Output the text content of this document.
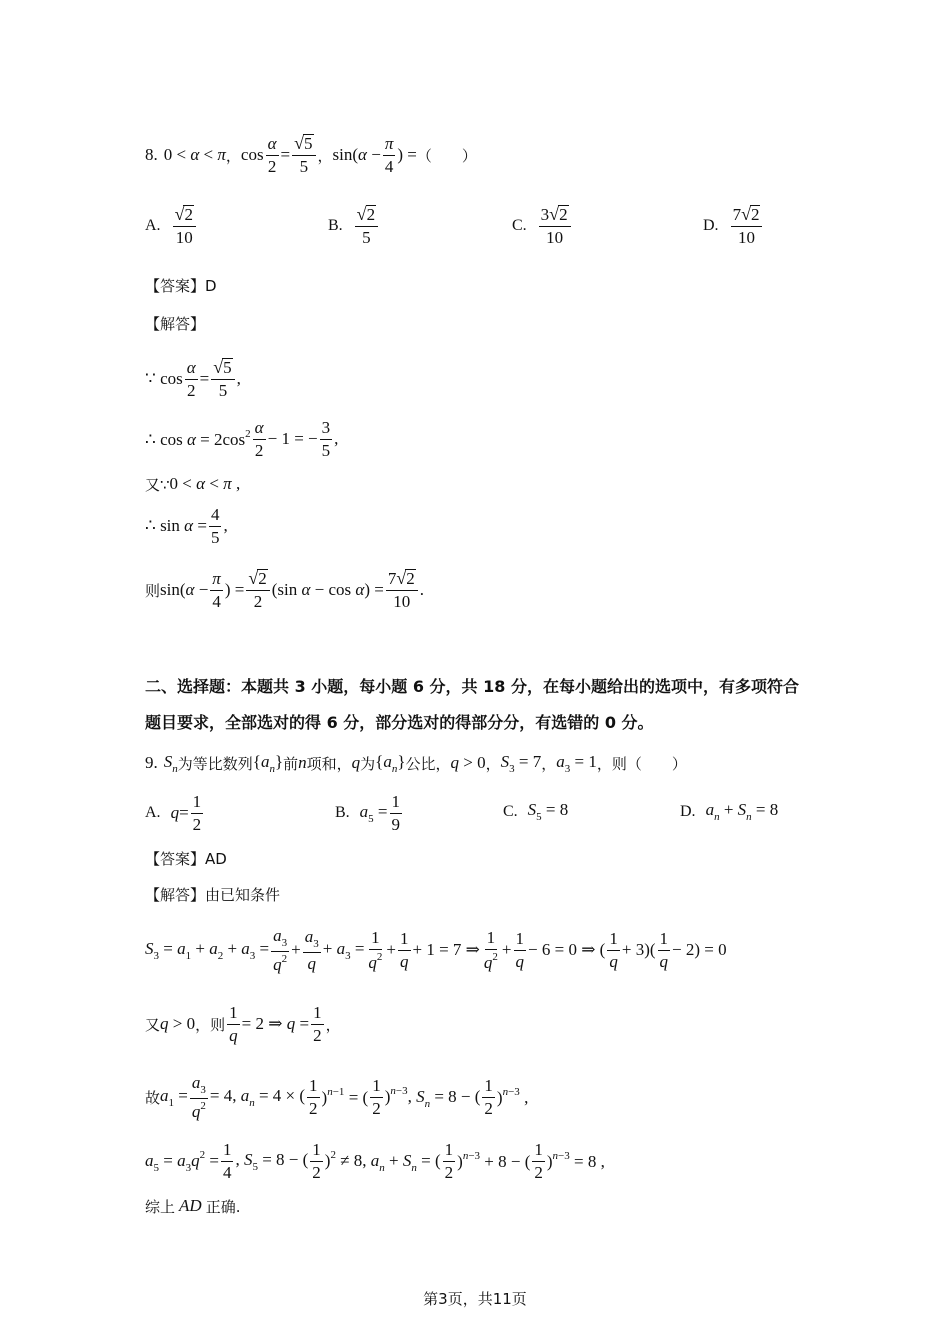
8. 0 < α < π ， $\cos \frac{\alpha}{2} = \frac{√ 5}{5}$ ， $\sin(\alpha - \frac{\pi}{4}$ ) = （　　）
A. $\frac{√ 2}{10}$	B. $\frac{√ 2}{5}$	C. $\frac{3 √ 2}{10}$	D. $\frac{7 √ 2}{10}$
【答案】D
【解答】
∵ $\cos \frac{\alpha}{2} = \frac{√ 5}{5}$ ,
∴ $\cos \alpha = 2\cos^2 \frac{\alpha}{2} - 1$ = − $\frac{3}{5}$ ,
又∵ 0 < α < π ,
∴ $\sin \alpha = \frac{4}{5}$ ,
则 $\sin(\alpha - \frac{\pi}{4}$ ) = $\frac{√ 2}{2} (\sin$ $\alpha - \cos \alpha) = \frac{7 √ 2}{10}$ .
二、选择题：本题共 3 小题，每小题 6 分，共 18 分，在每小题给出的选项中，有多项符合
题目要求，全部选对的得 6 分，部分选对的得部分分，有选错的 0 分。
9. $S_n$ 为等比数列 $\{a_n\}$ 前 n 项和， q 为 $\{a_n\}$ 公比， q > 0 ， $S_3 = 7$ ， $a_3 = 1$ ，则（　　）
A. $q = \frac{1}{2}$	B. $a_5 = \frac{1}{9}$	C. $S_5 = 8$	D. $a_n + S_n = 8$
【答案】AD
【解答】由已知条件
$S_3 = a_1 + a_2 + a_3 = \frac{a_3}{q^2} + \frac{a_3}{q} + a_3 = \frac{1}{q^2} + \frac{1}{q} + 1 = 7$ ⇒ $\frac{1}{q^2} + \frac{1}{q} - 6 = 0$ ⇒ ( $\frac{1}{q} + 3)( \frac{1}{q} - 2) = 0$
又 q > 0 ，则 $\frac{1}{q} = 2$ ⇒ $q = \frac{1}{2}$ ，
故 $a_1 = \frac{a_3}{q^2} = 4$, $a_n = 4$ × ( $\frac{1}{2} )^{n-1}$ = ( $\frac{1}{2} )^{n-3}$, $S_n = 8$ − ( $\frac{1}{2} )^{n-3}$ ,
$a_5 = a_3q^2 = \frac{1}{4}$ , $S_5 = 8$ − ( $\frac{1}{2} )^2 \ne 8$, $a_n + S_n$ = ( $\frac{1}{2} )^{n-3} + 8$ − ( $\frac{1}{2} )^{n-3} = 8$ ,
综上 AD 正确.
第3页，共11页
